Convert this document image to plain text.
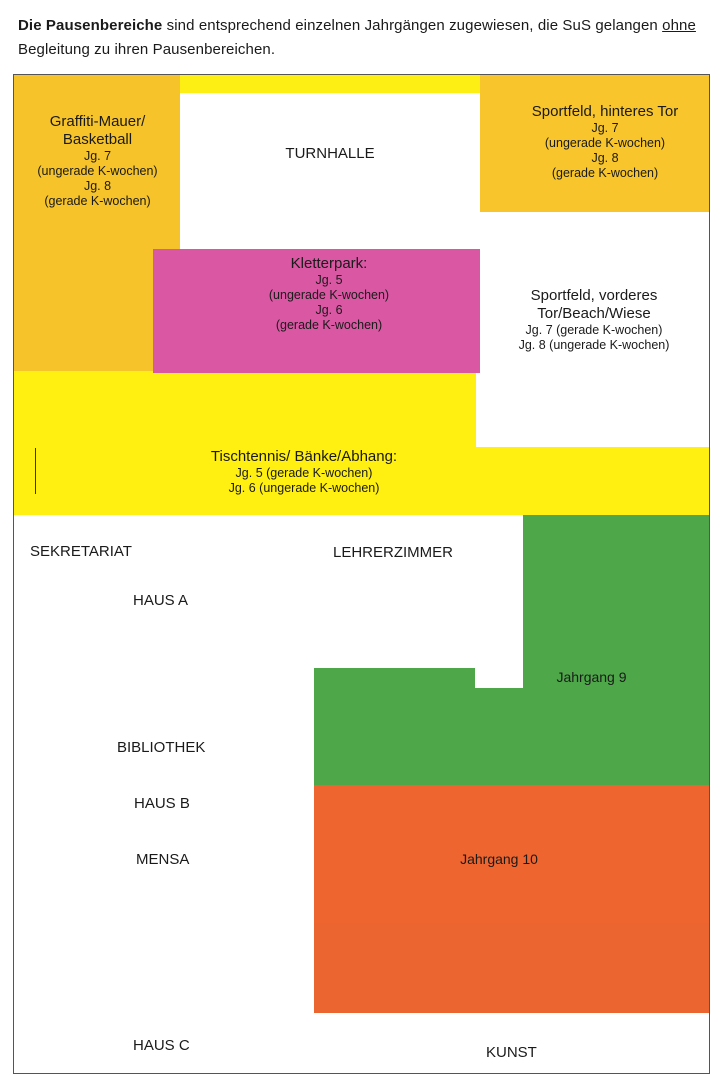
Die Pausenbereiche sind entsprechend einzelnen Jahrgängen zugewiesen, die SuS gelangen ohne Begleitung zu ihren Pausenbereichen.

Graffiti-Mauer/ Basketball
Jg. 7
(ungerade K-wochen)
Jg. 8
(gerade K-wochen)
TURNHALLE
Sportfeld, hinteres Tor
Jg. 7
(ungerade K-wochen)
Jg. 8
(gerade K-wochen)
Kletterpark:
Jg. 5
(ungerade K-wochen)
Jg. 6
(gerade K-wochen)
Sportfeld, vorderes Tor/Beach/Wiese
Jg. 7 (gerade K-wochen)
Jg. 8 (ungerade K-wochen)
Tischtennis/ Bänke/Abhang:
Jg. 5 (gerade K-wochen)
Jg. 6 (ungerade K-wochen)
Jahrgang 9
Jahrgang 10
SEKRETARIAT	LEHRERZIMMER
HAUS A
BIBLIOTHEK
HAUS B
MENSA
HAUS C	KUNST
